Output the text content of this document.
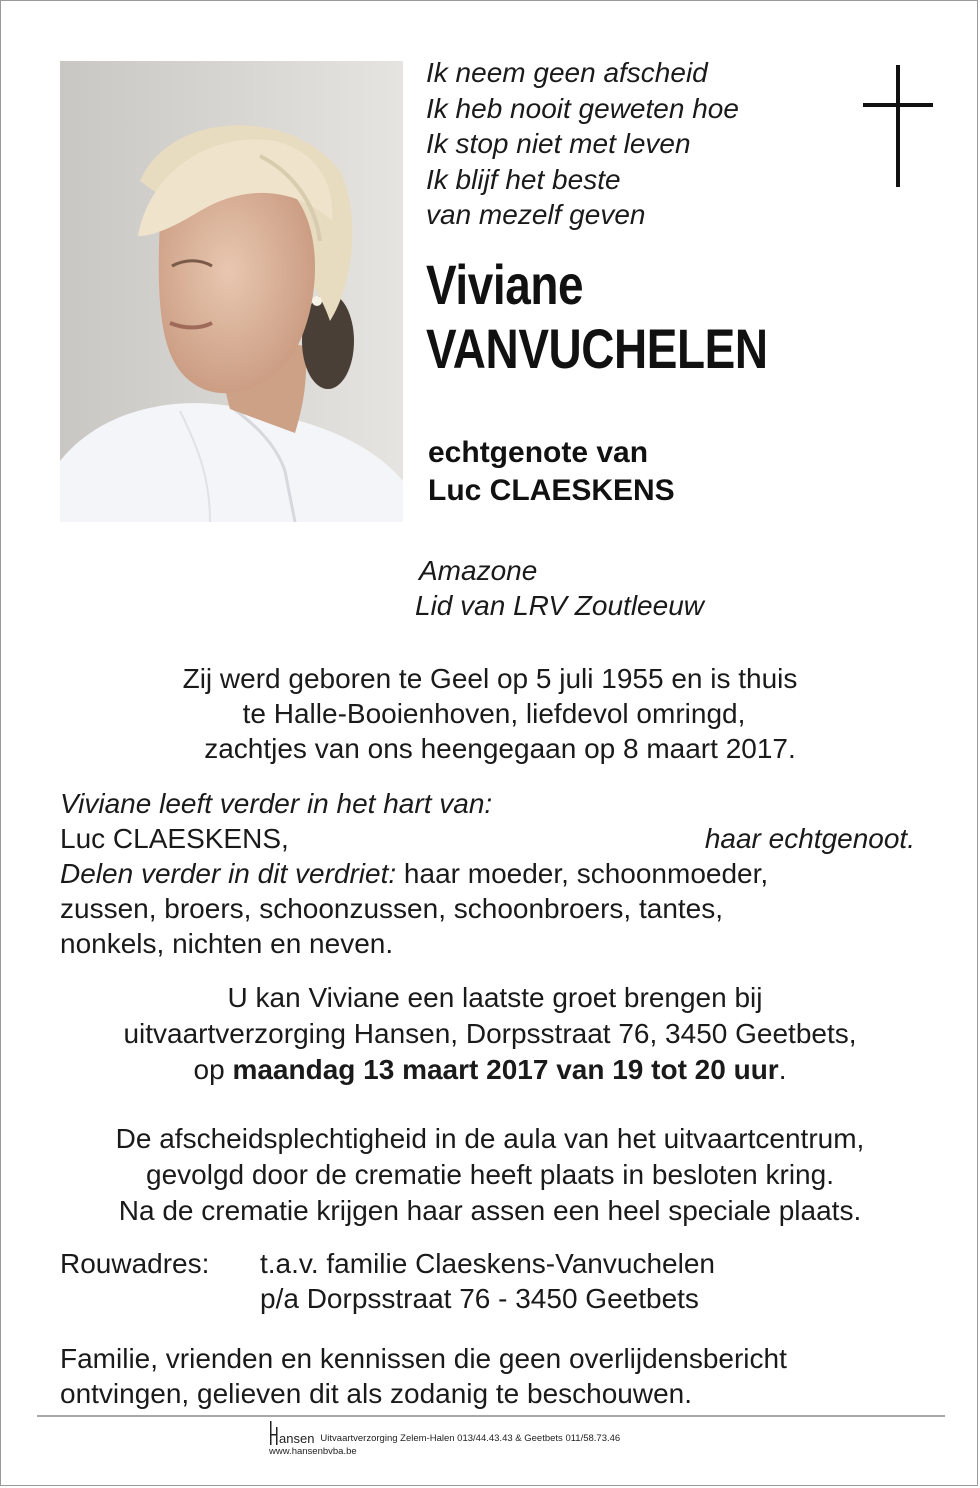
Ik neem geen afscheid
Ik heb nooit geweten hoe
Ik stop niet met leven
Ik blijf het beste
van mezelf geven
Viviane
VANVUCHELEN
echtgenote van
Luc CLAESKENS
Amazone
Lid van LRV Zoutleeuw
Zij werd geboren te Geel op 5 juli 1955 en is thuis
te Halle-Booienhoven, liefdevol omringd,
zachtjes van ons heengegaan op 8 maart 2017.
Viviane leeft verder in het hart van:
Luc CLAESKENS,	haar echtgenoot.
Delen verder in dit verdriet: haar moeder, schoonmoeder,
zussen, broers, schoonzussen, schoonbroers, tantes,
nonkels, nichten en neven.
U kan Viviane een laatste groet brengen bij
uitvaartverzorging Hansen, Dorpsstraat 76, 3450 Geetbets,
op maandag 13 maart 2017 van 19 tot 20 uur.
De afscheidsplechtigheid in de aula van het uitvaartcentrum,
gevolgd door de crematie heeft plaats in besloten kring.
Na de crematie krijgen haar assen een heel speciale plaats.
Rouwadres:	t.a.v. familie Claeskens-Vanvuchelen
p/a Dorpsstraat 76 - 3450 Geetbets
Familie, vrienden en kennissen die geen overlijdensbericht
ontvingen, gelieven dit als zodanig te beschouwen.
ansen Uitvaartverzorging Zelem-Halen 013/44.43.43 & Geetbets 011/58.73.46
www.hansenbvba.be
